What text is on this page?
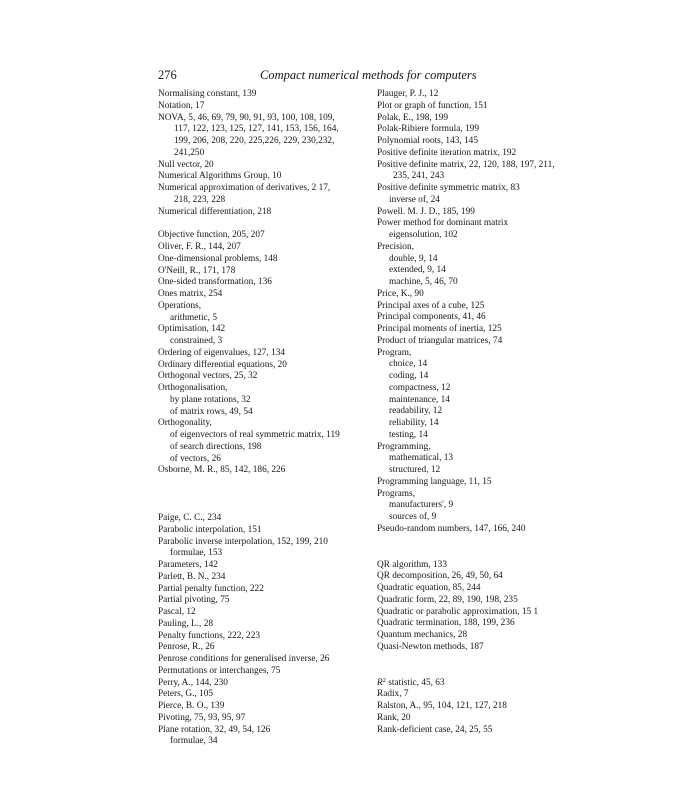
276	Compact numerical methods for computers
Normalising constant, 139
Notation, 17
NOVA, 5, 46, 69, 79, 90, 91, 93, 100, 108, 109,
117, 122, 123, 125, 127, 141, 153, 156, 164,
199, 206, 208, 220, 225,226, 229, 230,232,
241,250
Null vector, 20
Numerical Algorithms Group, 10
Numerical approximation of derivatives, 2 17,
218, 223, 228
Numerical differentiation, 218
Objective function, 205, 207
Oliver, F. R., 144, 207
One-dimensional problems, 148
O'Neill, R., 171, 178
One-sided transformation, 136
Ones matrix, 254
Operations,
arithmetic, 5
Optimisation, 142
constrained, 3
Ordering of eigenvalues, 127, 134
Ordinary differential equations, 20
Orthogonal vectors, 25, 32
Orthogonalisation,
by plane rotations, 32
of matrix rows, 49, 54
Orthogonality,
of eigenvectors of real symmetric matrix, 119
of search directions, 198
of vectors, 26
Osborne, M. R., 85, 142, 186, 226
Paige, C. C., 234
Parabolic interpolation, 151
Parabolic inverse interpolation, 152, 199, 210
formulae, 153
Parameters, 142
Parlett, B. N., 234
Partial penalty function, 222
Partial pivoting, 75
Pascal, 12
Pauling, L., 28
Penalty functions, 222, 223
Penrose, R., 26
Penrose conditions for generalised inverse, 26
Permutations or interchanges, 75
Perry, A., 144, 230
Peters, G., 105
Pierce, B. O., 139
Pivoting, 75, 93, 95, 97
Plane rotation, 32, 49, 54, 126
formulae, 34
Plauger, P. J., 12
Plot or graph of function, 151
Polak, E., 198, 199
Polak-Ribiere formula, 199
Polynomial roots, 143, 145
Positive definite iteration matrix, 192
Positive definite matrix, 22, 120, 188, 197, 211,
235, 241, 243
Positive definite symmetric matrix, 83
inverse of, 24
Powell. M. J. D., 185, 199
Power method for dominant matrix
eigensolution, 102
Precision,
double, 9, 14
extended, 9, 14
machine, 5, 46, 70
Price, K., 90
Principal axes of a cube, 125
Principal components, 41, 46
Principal moments of inertia, 125
Product of triangular matrices, 74
Program,
choice, 14
coding, 14
compactness, 12
maintenance, 14
readability, 12
reliability, 14
testing, 14
Programming,
mathematical, 13
structured, 12
Programming language, 11, 15
Programs,
manufacturers', 9
sources of, 9
Pseudo-random numbers, 147, 166, 240
QR algorithm, 133
QR decomposition, 26, 49, 50, 64
Quadratic equation, 85, 244
Quadratic form, 22, 89, 190, 198, 235
Quadratic or parabolic approximation, 15 1
Quadratic termination, 188, 199, 236
Quantum mechanics, 28
Quasi-Newton methods, 187
$R^2$ statistic, 45, 63
Radix, 7
Ralston, A., 95, 104, 121, 127, 218
Rank, 20
Rank-deficient case, 24, 25, 55
